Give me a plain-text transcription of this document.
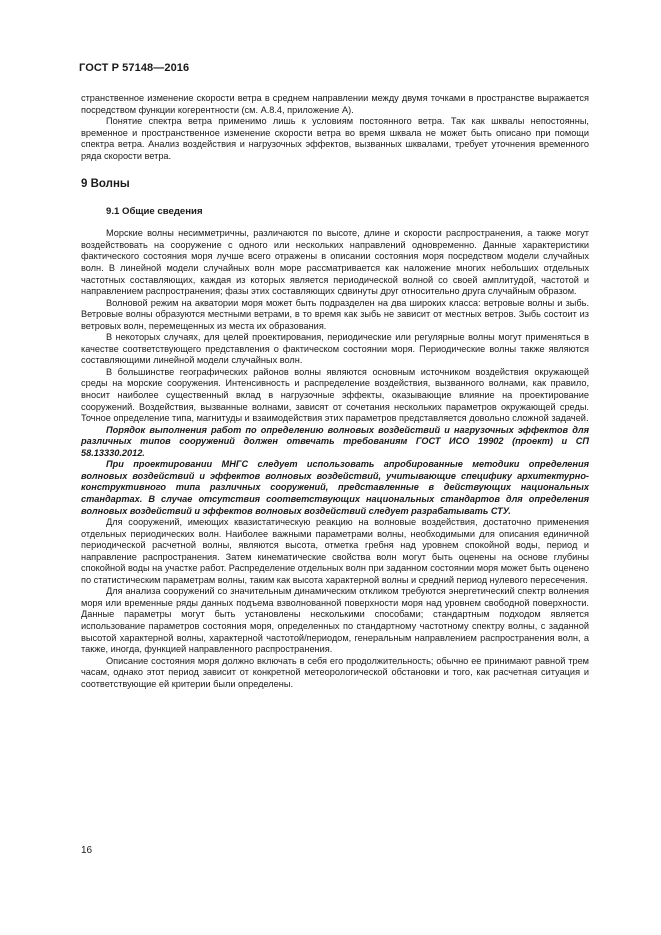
ГОСТ Р 57148—2016

странственное изменение скорости ветра в среднем направлении между двумя точками в пространстве выражается посредством функции когерентности (см. А.8.4, приложение А).

Понятие спектра ветра применимо лишь к условиям постоянного ветра. Так как шквалы непостоянны, временное и пространственное изменение скорости ветра во время шквала не может быть описано при помощи спектра ветра. Анализ воздействия и нагрузочных эффектов, вызванных шквалами, требует уточнения временного ряда скорости ветра.

9 Волны
9.1 Общие сведения

Морские волны несимметричны, различаются по высоте, длине и скорости распространения, а также могут воздействовать на сооружение с одного или нескольких направлений одновременно. Данные характеристики фактического состояния моря лучше всего отражены в описании состояния моря посредством модели случайных волн. В линейной модели случайных волн море рассматривается как наложение многих небольших отдельных частотных составляющих, каждая из которых является периодической волной со своей амплитудой, частотой и направлением распространения; фазы этих составляющих сдвинуты друг относительно друга случайным образом.

Волновой режим на акватории моря может быть подразделен на два широких класса: ветровые волны и зыбь. Ветровые волны образуются местными ветрами, в то время как зыбь не зависит от местных ветров. Зыбь состоит из ветровых волн, перемещенных из места их образования.

В некоторых случаях, для целей проектирования, периодические или регулярные волны могут применяться в качестве соответствующего представления о фактическом состоянии моря. Периодические волны также являются составляющими линейной модели случайных волн.

В большинстве географических районов волны являются основным источником воздействия окружающей среды на морские сооружения. Интенсивность и распределение воздействия, вызванного волнами, как правило, вносит наиболее существенный вклад в нагрузочные эффекты, оказывающие влияние на проектирование сооружений. Воздействия, вызванные волнами, зависят от сочетания нескольких параметров окружающей среды. Точное определение типа, магнитуды и взаимодействия этих параметров представляется довольно сложной задачей.

Порядок выполнения работ по определению волновых воздействий и нагрузочных эффектов для различных типов сооружений должен отвечать требованиям ГОСТ ИСО 19902 (проект) и СП 58.13330.2012.

При проектировании МНГС следует использовать апробированные методики определения волновых воздействий и эффектов волновых воздействий, учитывающие специфику архитектурно-конструктивного типа различных сооружений, представленные в действующих национальных стандартах. В случае отсутствия соответствующих национальных стандартов для определения волновых воздействий и эффектов волновых воздействий следует разрабатывать СТУ.

Для сооружений, имеющих квазистатическую реакцию на волновые воздействия, достаточно применения отдельных периодических волн. Наиболее важными параметрами волны, необходимыми для описания единичной периодической расчетной волны, являются высота, отметка гребня над уровнем спокойной воды, период и направление распространения. Затем кинематические свойства волн могут быть оценены на основе глубины спокойной воды на участке работ. Распределение отдельных волн при заданном состоянии моря может быть оценено по статистическим параметрам волны, таким как высота характерной волны и средний период нулевого пересечения.

Для анализа сооружений со значительным динамическим откликом требуются энергетический спектр волнения моря или временные ряды данных подъема взволнованной поверхности моря над уровнем свободной поверхности. Данные параметры могут быть установлены несколькими способами; стандартным подходом является использование параметров состояния моря, определенных по стандартному частотному спектру волны, с заданной высотой характерной волны, характерной частотой/периодом, генеральным направлением распространения волн, а также, иногда, функцией направленного распространения.

Описание состояния моря должно включать в себя его продолжительность; обычно ее принимают равной трем часам, однако этот период зависит от конкретной метеорологической обстановки и того, как расчетная ситуация и соответствующие ей критерии были определены.

16
